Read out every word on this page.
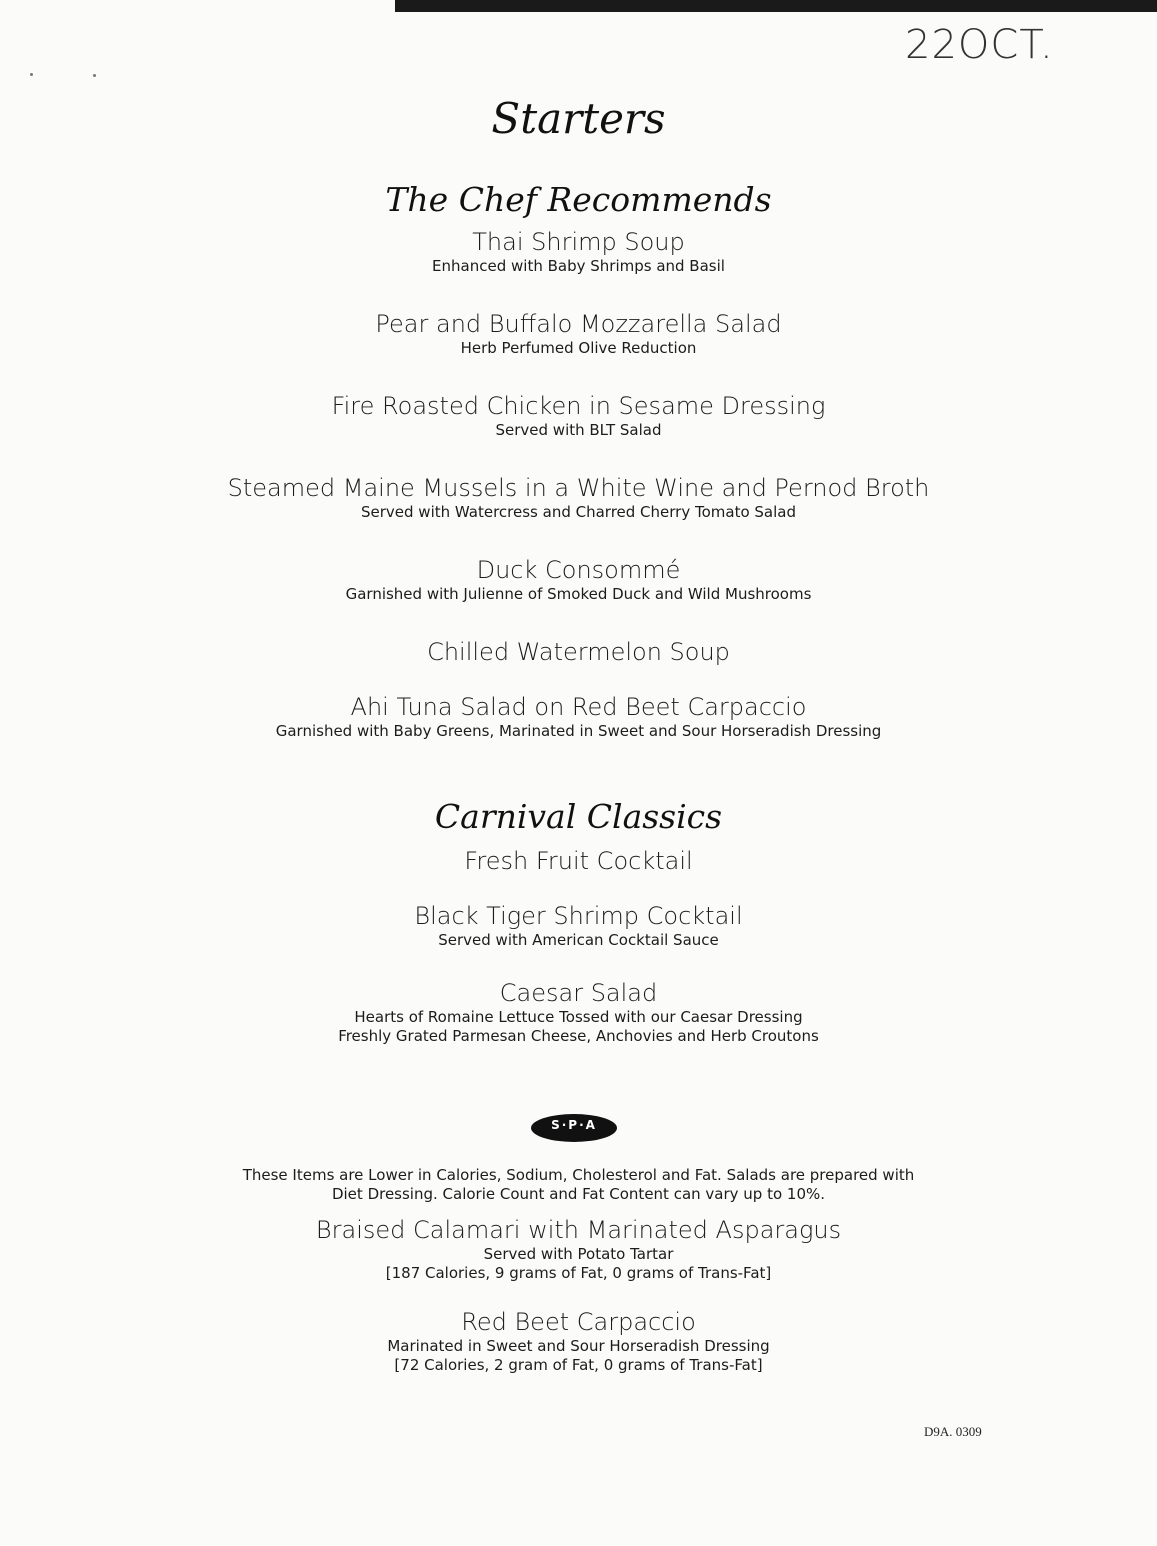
22OCT.
Starters
The Chef Recommends
Thai Shrimp Soup
Enhanced with Baby Shrimps and Basil
Pear and Buffalo Mozzarella Salad
Herb Perfumed Olive Reduction
Fire Roasted Chicken in Sesame Dressing
Served with BLT Salad
Steamed Maine Mussels in a White Wine and Pernod Broth
Served with Watercress and Charred Cherry Tomato Salad
Duck Consommé
Garnished with Julienne of Smoked Duck and Wild Mushrooms
Chilled Watermelon Soup
Ahi Tuna Salad on Red Beet Carpaccio
Garnished with Baby Greens, Marinated in Sweet and Sour Horseradish Dressing
Carnival Classics
Fresh Fruit Cocktail
Black Tiger Shrimp Cocktail
Served with American Cocktail Sauce
Caesar Salad
Hearts of Romaine Lettuce Tossed with our Caesar Dressing
Freshly Grated Parmesan Cheese, Anchovies and Herb Croutons
S·P·A
These Items are Lower in Calories, Sodium, Cholesterol and Fat. Salads are prepared with
Diet Dressing. Calorie Count and Fat Content can vary up to 10%.
Braised Calamari with Marinated Asparagus
Served with Potato Tartar
[187 Calories, 9 grams of Fat, 0 grams of Trans-Fat]
Red Beet Carpaccio
Marinated in Sweet and Sour Horseradish Dressing
[72 Calories, 2 gram of Fat, 0 grams of Trans-Fat]
D9A. 0309
